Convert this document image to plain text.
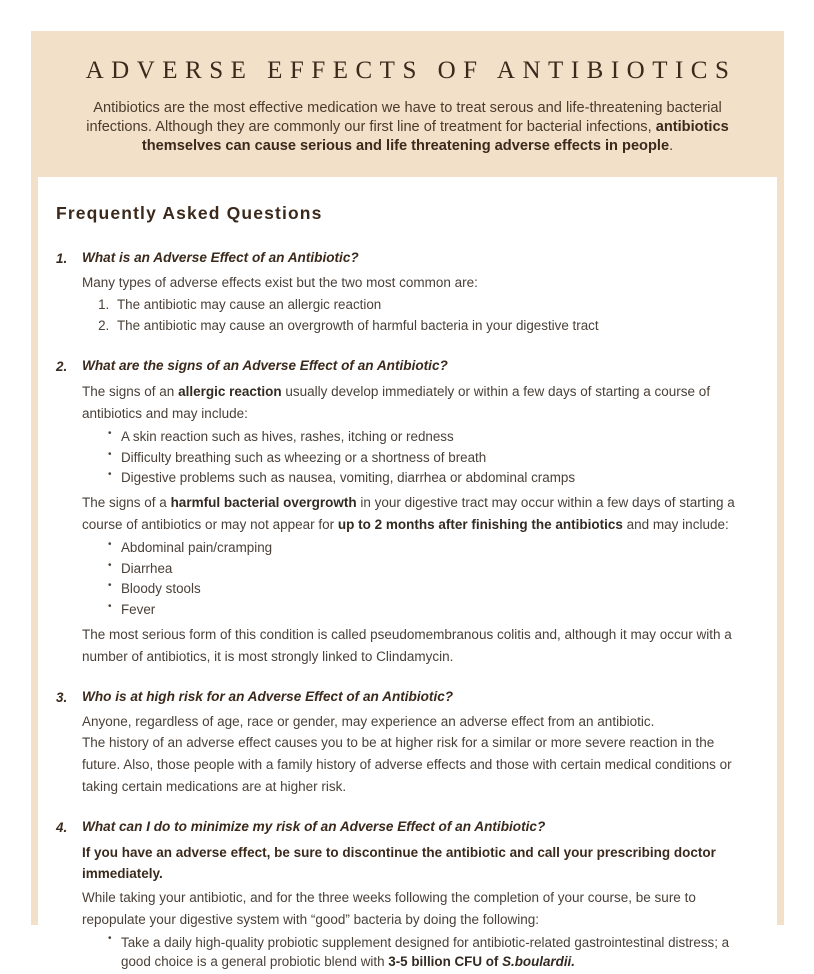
ADVERSE EFFECTS OF ANTIBIOTICS
Antibiotics are the most effective medication we have to treat serous and life-threatening bacterial infections. Although they are commonly our first line of treatment for bacterial infections, antibiotics themselves can cause serious and life threatening adverse effects in people.
Frequently Asked Questions
1.	What is an Adverse Effect of an Antibiotic?

Many types of adverse effects exist but the two most common are:

1. The antibiotic may cause an allergic reaction
2. The antibiotic may cause an overgrowth of harmful bacteria in your digestive tract
2.	What are the signs of an Adverse Effect of an Antibiotic?

The signs of an allergic reaction usually develop immediately or within a few days of starting a course of antibiotics and may include:

• A skin reaction such as hives, rashes, itching or redness
• Difficulty breathing such as wheezing or a shortness of breath
• Digestive problems such as nausea, vomiting, diarrhea or abdominal cramps

The signs of a harmful bacterial overgrowth in your digestive tract may occur within a few days of starting a course of antibiotics or may not appear for up to 2 months after finishing the antibiotics and may include:

• Abdominal pain/cramping
• Diarrhea
• Bloody stools
• Fever

The most serious form of this condition is called pseudomembranous colitis and, although it may occur with a number of antibiotics, it is most strongly linked to Clindamycin.

3.	Who is at high risk for an Adverse Effect of an Antibiotic?

Anyone, regardless of age, race or gender, may experience an adverse effect from an antibiotic.

The history of an adverse effect causes you to be at higher risk for a similar or more severe reaction in the future. Also, those people with a family history of adverse effects and those with certain medical conditions or taking certain medications are at higher risk.

4.	What can I do to minimize my risk of an Adverse Effect of an Antibiotic?

If you have an adverse effect, be sure to discontinue the antibiotic and call your prescribing doctor immediately.

While taking your antibiotic, and for the three weeks following the completion of your course, be sure to repopulate your digestive system with “good” bacteria by doing the following:

• Take a daily high-quality probiotic supplement designed for antibiotic-related gastrointestinal distress; a good choice is a general probiotic blend with 3-5 billion CFU of S.boulardii.
